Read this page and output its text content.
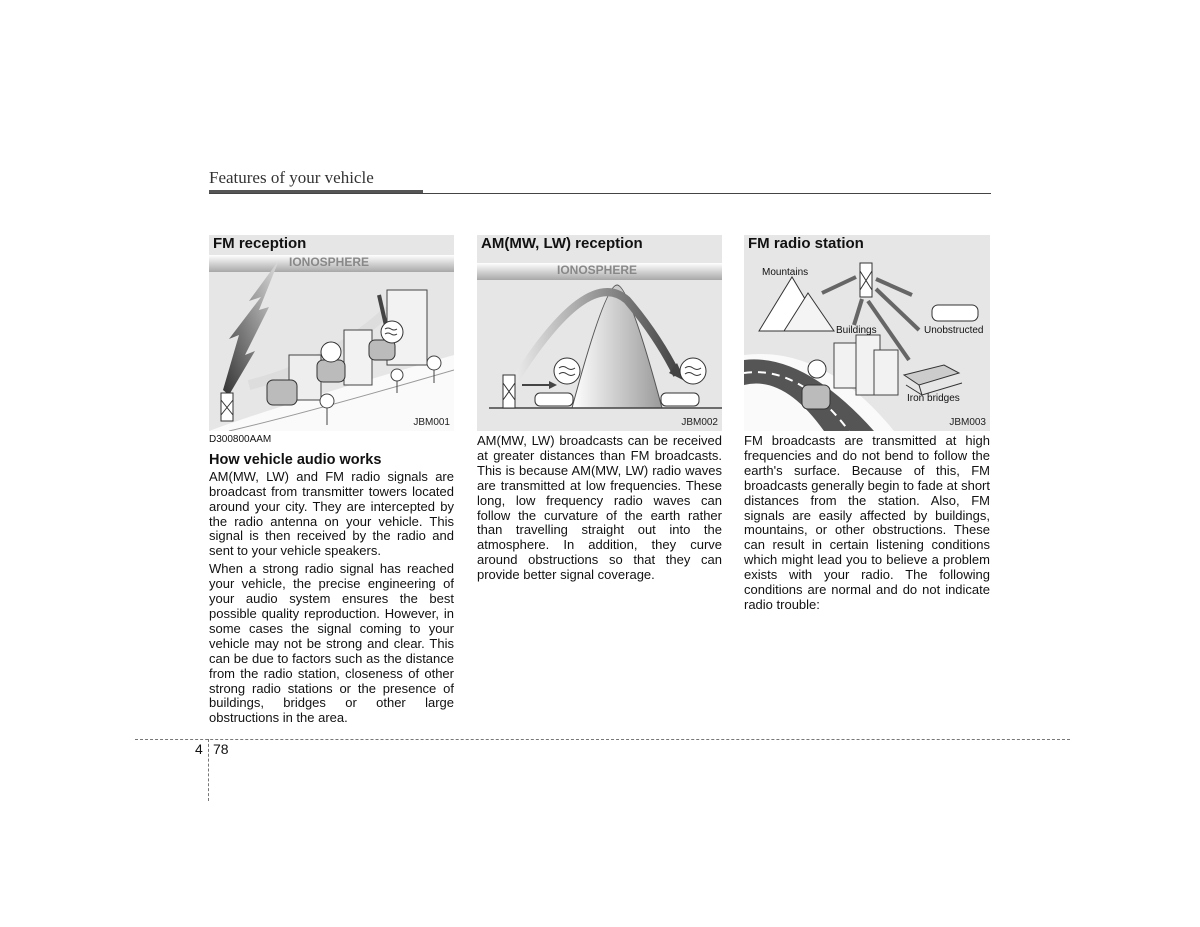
Features of your vehicle
FM reception
IONOSPHERE
JBM001
AM(MW, LW) reception
IONOSPHERE
JBM002
FM radio station
Mountains
Buildings	Unobstructed
Iron bridges
JBM003
D300800AAM
How vehicle audio works

AM(MW, LW) and FM radio signals are broadcast from transmitter towers located around your city. They are intercepted by the radio antenna on your vehicle. This signal is then received by the radio and sent to your vehicle speakers.

When a strong radio signal has reached your vehicle, the precise engineering of your audio system ensures the best possible quality reproduction. However, in some cases the signal coming to your vehicle may not be strong and clear. This can be due to factors such as the distance from the radio station, closeness of other strong radio stations or the presence of buildings, bridges or other large obstructions in the area.

AM(MW, LW) broadcasts can be received at greater distances than FM broadcasts. This is because AM(MW, LW) radio waves are transmitted at low frequencies. These long, low frequency radio waves can follow the curvature of the earth rather than travelling straight out into the atmosphere. In addition, they curve around obstructions so that they can provide better signal coverage.

FM broadcasts are transmitted at high frequencies and do not bend to follow the earth's surface. Because of this, FM broadcasts generally begin to fade at short distances from the station. Also, FM signals are easily affected by buildings, mountains, or other obstructions. These can result in certain listening conditions which might lead you to believe a problem exists with your radio. The following conditions are normal and do not indicate radio trouble:

4 78
